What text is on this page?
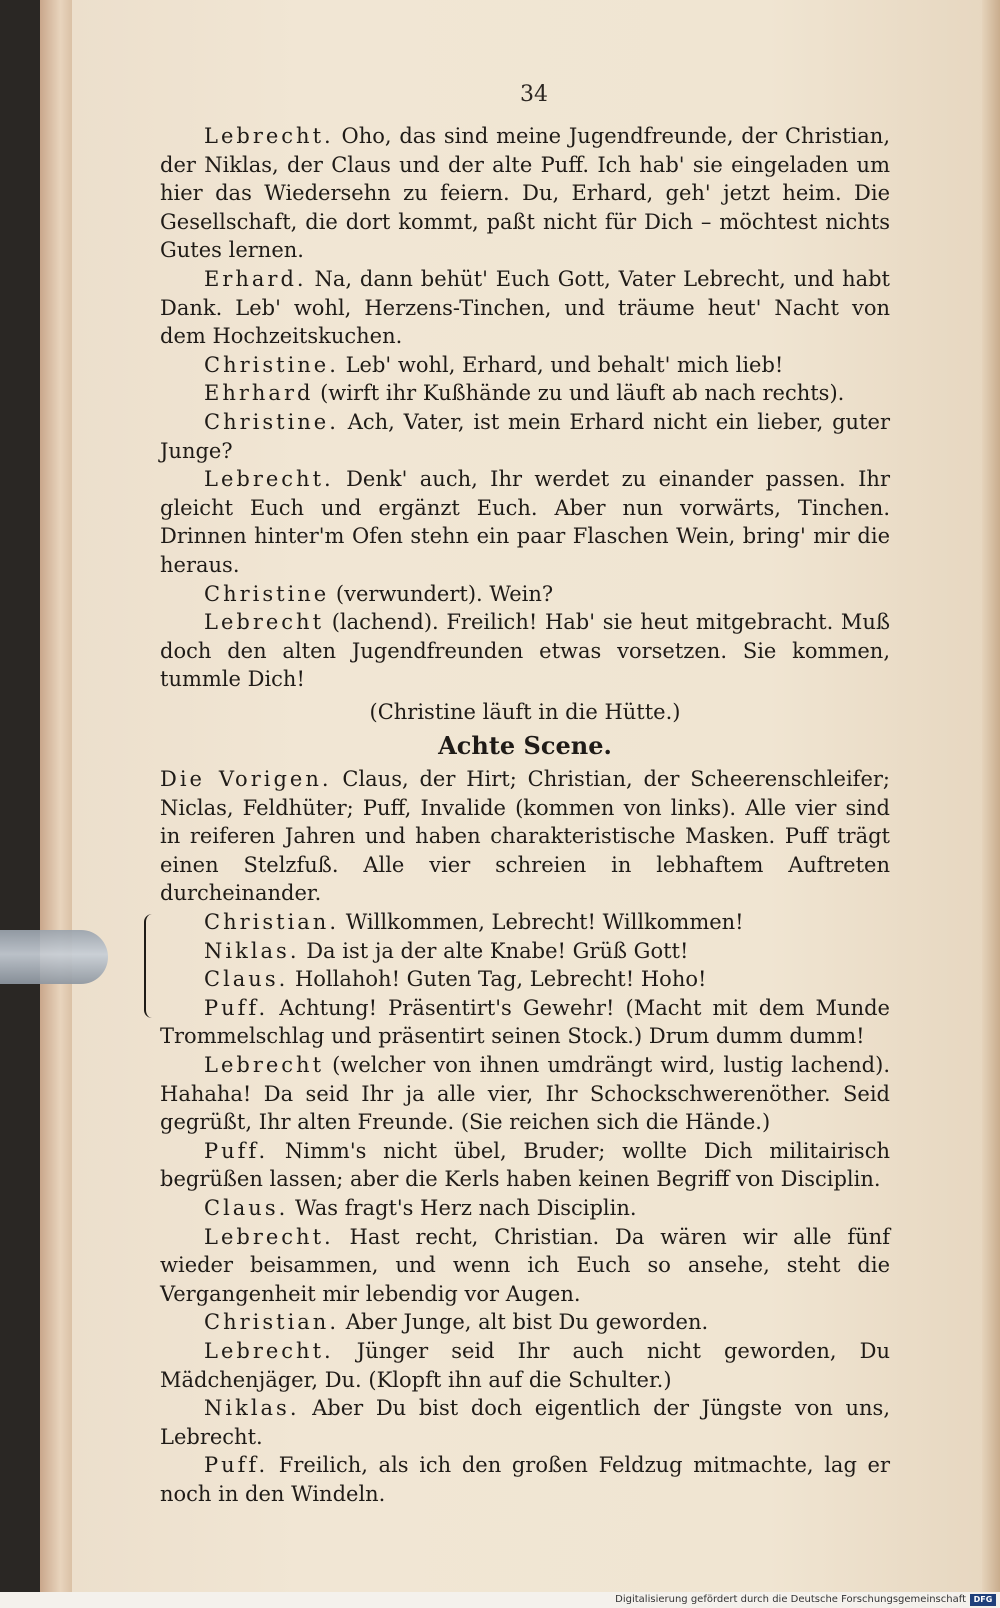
34

Lebrecht. Oho, das sind meine Jugendfreunde, der Christian, der Niklas, der Claus und der alte Puff. Ich hab' sie eingeladen um hier das Wiedersehn zu feiern. Du, Erhard, geh' jetzt heim. Die Gesellschaft, die dort kommt, paßt nicht für Dich – möchtest nichts Gutes lernen.

Erhard. Na, dann behüt' Euch Gott, Vater Lebrecht, und habt Dank. Leb' wohl, Herzens-Tinchen, und träume heut' Nacht von dem Hochzeitskuchen.

Christine. Leb' wohl, Erhard, und behalt' mich lieb!

Ehrhard (wirft ihr Kußhände zu und läuft ab nach rechts).

Christine. Ach, Vater, ist mein Erhard nicht ein lieber, guter Junge?

Lebrecht. Denk' auch, Ihr werdet zu einander passen. Ihr gleicht Euch und ergänzt Euch. Aber nun vorwärts, Tinchen. Drinnen hinter'm Ofen stehn ein paar Flaschen Wein, bring' mir die heraus.

Christine (verwundert). Wein?

Lebrecht (lachend). Freilich! Hab' sie heut mitgebracht. Muß doch den alten Jugendfreunden etwas vorsetzen. Sie kommen, tummle Dich!

(Christine läuft in die Hütte.)

Achte Scene.

Die Vorigen. Claus, der Hirt; Christian, der Scheerenschleifer; Niclas, Feldhüter; Puff, Invalide (kommen von links). Alle vier sind in reiferen Jahren und haben charakteristische Masken. Puff trägt einen Stelzfuß. Alle vier schreien in lebhaftem Auftreten durcheinander.

Christian. Willkommen, Lebrecht! Willkommen!

Niklas. Da ist ja der alte Knabe! Grüß Gott!

Claus. Hollahoh! Guten Tag, Lebrecht! Hoho!

Puff. Achtung! Präsentirt's Gewehr! (Macht mit dem Munde Trommelschlag und präsentirt seinen Stock.) Drum dumm dumm!

Lebrecht (welcher von ihnen umdrängt wird, lustig lachend). Hahaha! Da seid Ihr ja alle vier, Ihr Schockschwerenöther. Seid gegrüßt, Ihr alten Freunde. (Sie reichen sich die Hände.)

Puff. Nimm's nicht übel, Bruder; wollte Dich militairisch begrüßen lassen; aber die Kerls haben keinen Begriff von Disciplin.

Claus. Was fragt's Herz nach Disciplin.

Lebrecht. Hast recht, Christian. Da wären wir alle fünf wieder beisammen, und wenn ich Euch so ansehe, steht die Vergangenheit mir lebendig vor Augen.

Christian. Aber Junge, alt bist Du geworden.

Lebrecht. Jünger seid Ihr auch nicht geworden, Du Mädchenjäger, Du. (Klopft ihn auf die Schulter.)

Niklas. Aber Du bist doch eigentlich der Jüngste von uns, Lebrecht.

Puff. Freilich, als ich den großen Feldzug mitmachte, lag er noch in den Windeln.

Digitalisierung gefördert durch die Deutsche Forschungsgemeinschaft DFG
